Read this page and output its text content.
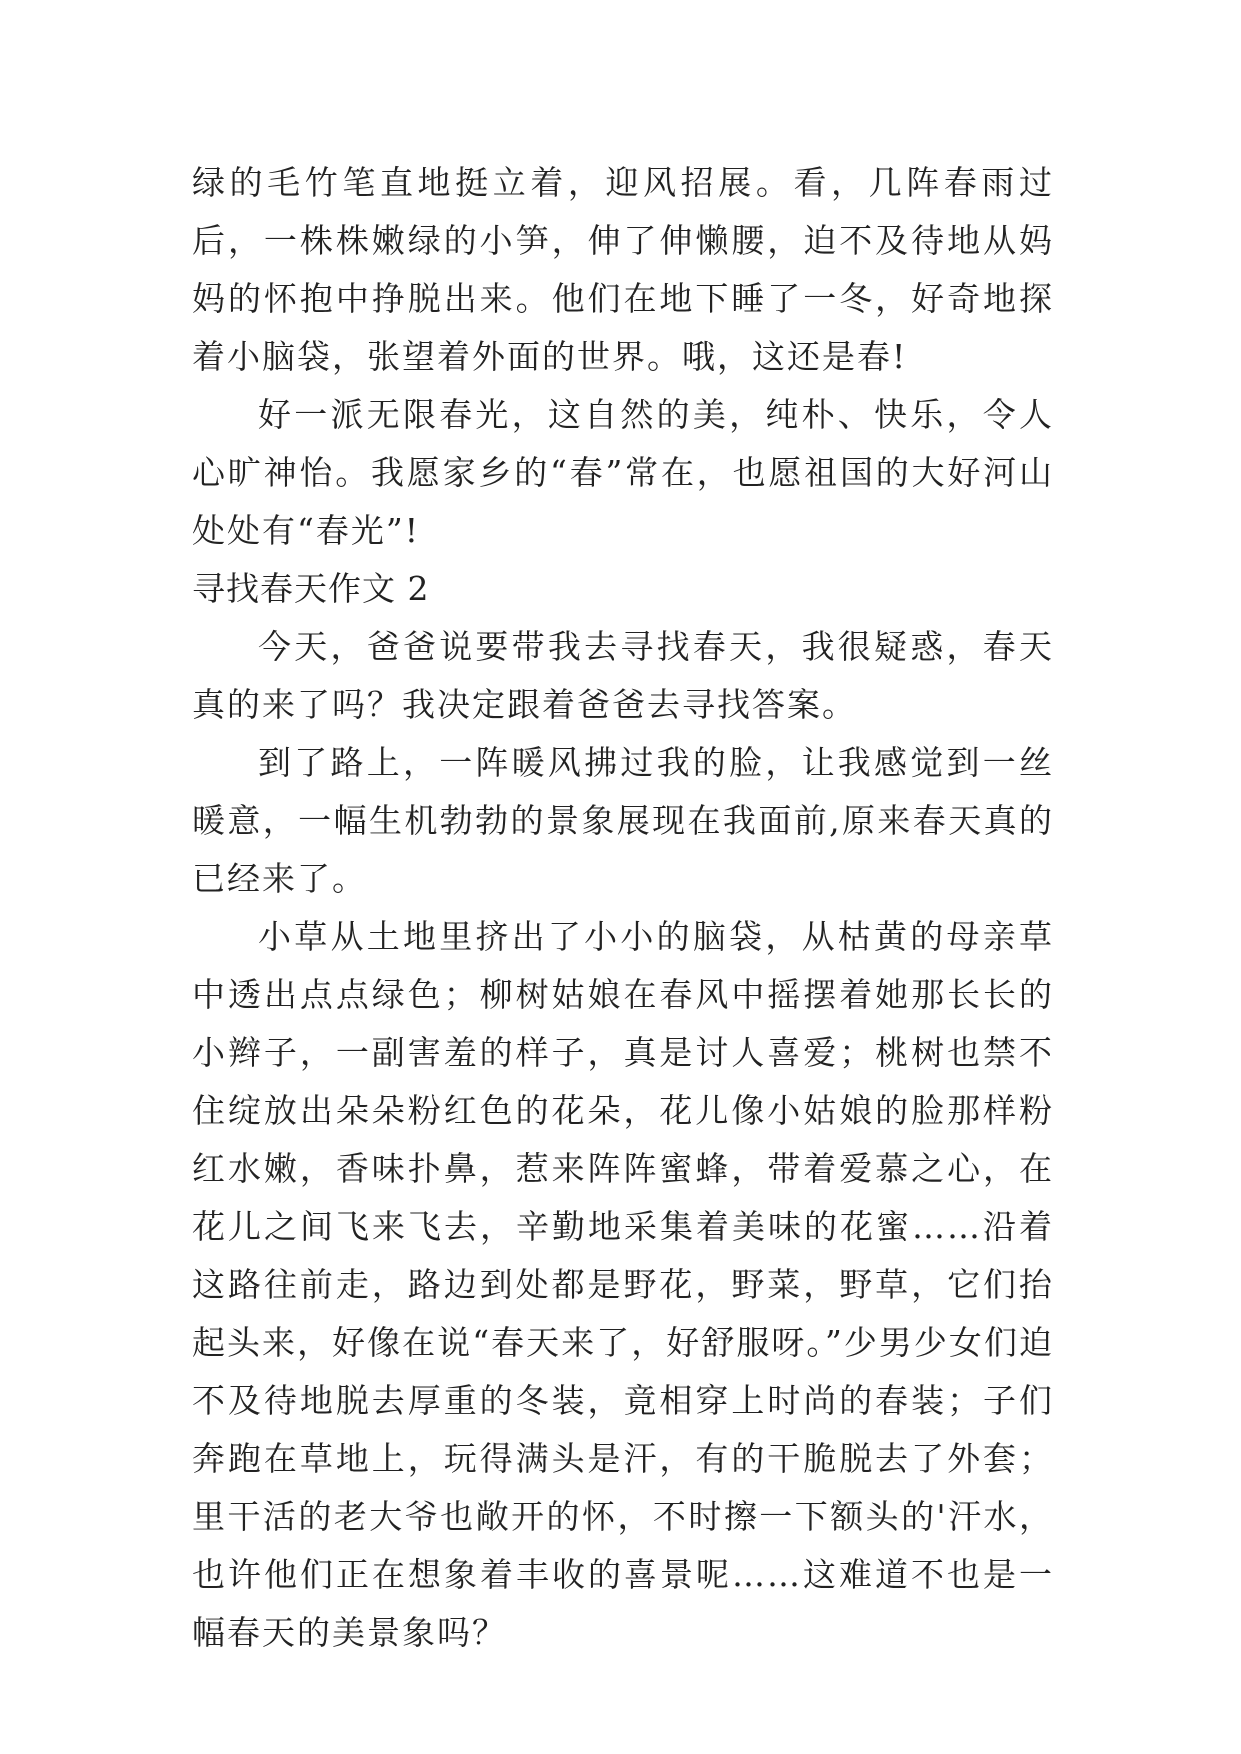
绿的毛竹笔直地挺立着，迎风招展。看，几阵春雨过后，一株株嫩绿的小笋，伸了伸懒腰，迫不及待地从妈妈的怀抱中挣脱出来。他们在地下睡了一冬，好奇地探着小脑袋，张望着外面的世界。哦，这还是春!

好一派无限春光，这自然的美，纯朴、快乐，令人心旷神怡。我愿家乡的“春”常在，也愿祖国的大好河山处处有“春光”!

寻找春天作文 2

今天，爸爸说要带我去寻找春天，我很疑惑，春天真的来了吗？我决定跟着爸爸去寻找答案。

到了路上，一阵暖风拂过我的脸，让我感觉到一丝暖意，一幅生机勃勃的景象展现在我面前,原来春天真的已经来了。

小草从土地里挤出了小小的脑袋，从枯黄的母亲草中透出点点绿色；柳树姑娘在春风中摇摆着她那长长的小辫子，一副害羞的样子，真是讨人喜爱；桃树也禁不住绽放出朵朵粉红色的花朵，花儿像小姑娘的脸那样粉红水嫩，香味扑鼻，惹来阵阵蜜蜂，带着爱慕之心，在花儿之间飞来飞去，辛勤地采集着美味的花蜜……沿着这路往前走，路边到处都是野花，野菜，野草，它们抬起头来，好像在说“春天来了，好舒服呀。”少男少女们迫不及待地脱去厚重的冬装，竟相穿上时尚的春装；子们奔跑在草地上，玩得满头是汗，有的干脆脱去了外套；里干活的老大爷也敞开的怀，不时擦一下额头的'汗水，也许他们正在想象着丰收的喜景呢……这难道不也是一幅春天的美景象吗？
